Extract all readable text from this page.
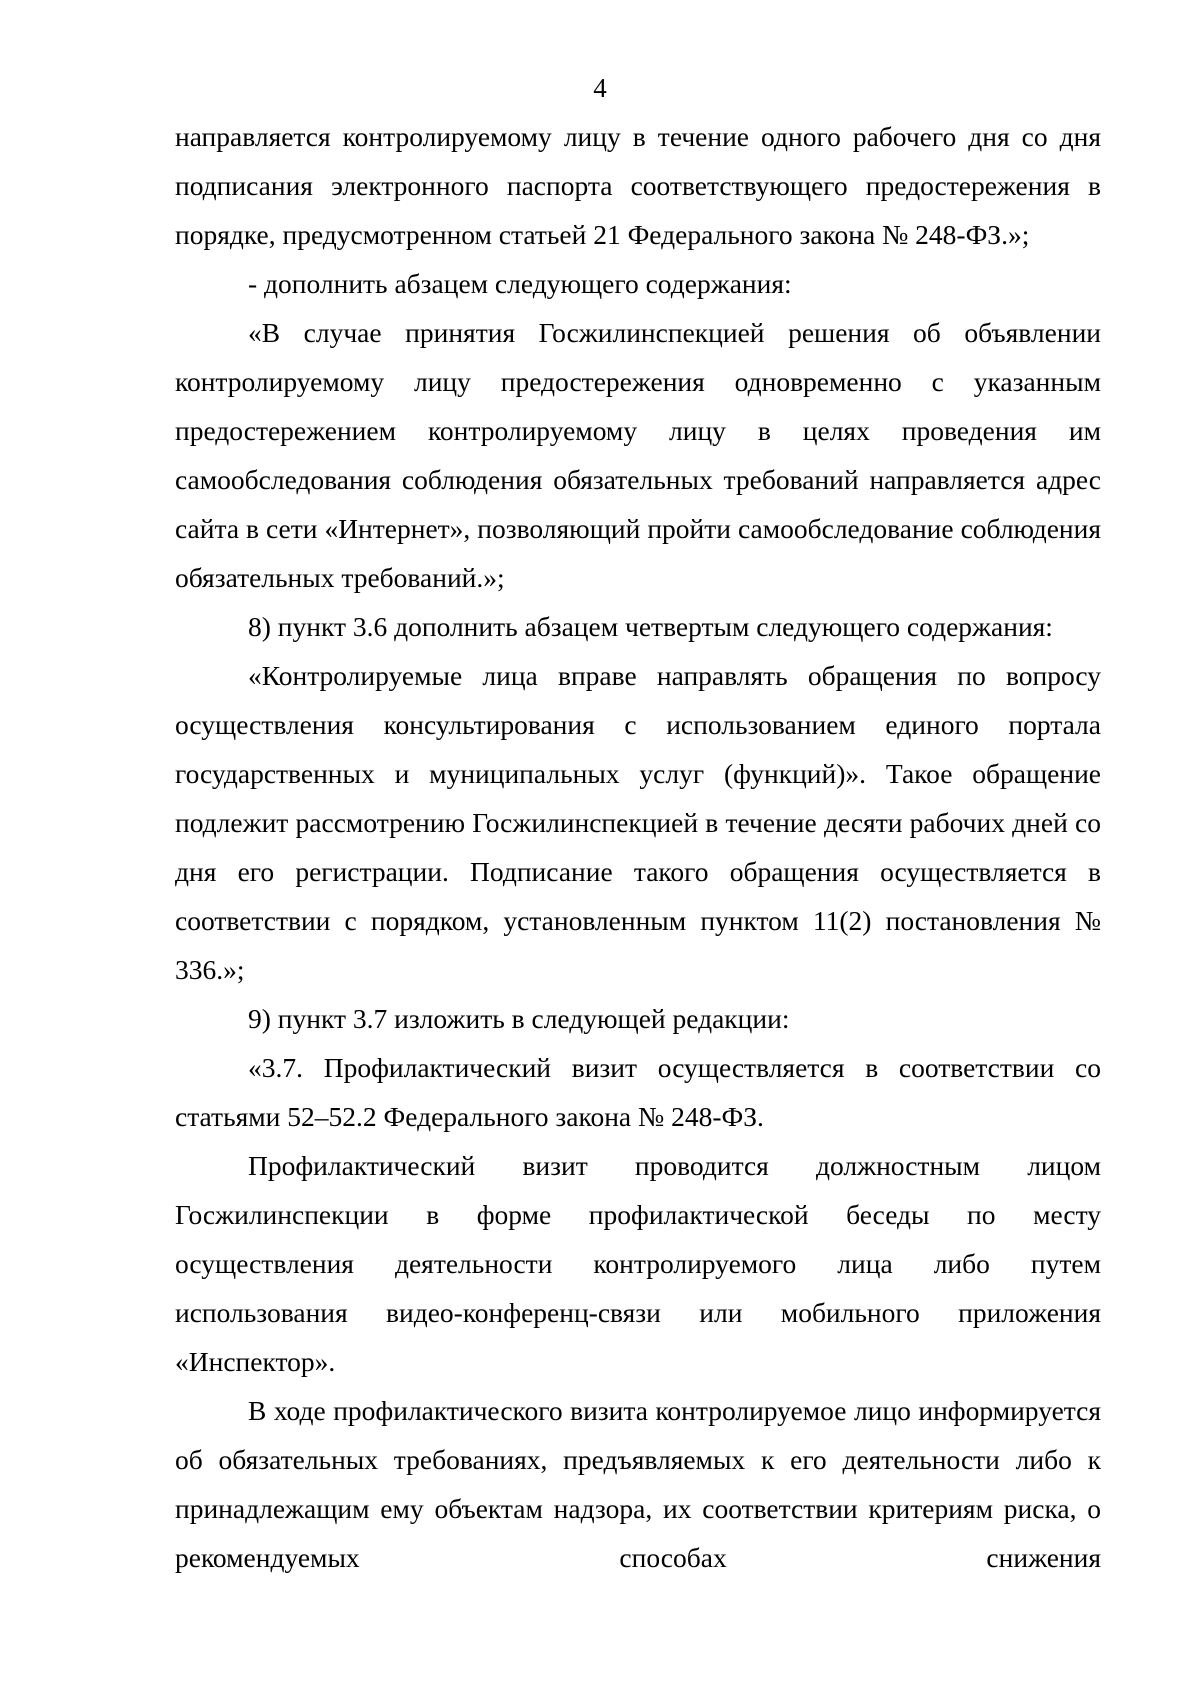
4

направляется контролируемому лицу в течение одного рабочего дня со дня подписания электронного паспорта соответствующего предостережения в порядке, предусмотренном статьей 21 Федерального закона № 248-ФЗ.»;

- дополнить абзацем следующего содержания:

«В случае принятия Госжилинспекцией решения об объявлении контролируемому лицу предостережения одновременно с указанным предостережением контролируемому лицу в целях проведения им самообследования соблюдения обязательных требований направляется адрес сайта в сети «Интернет», позволяющий пройти самообследование соблюдения обязательных требований.»;

8) пункт 3.6 дополнить абзацем четвертым следующего содержания:

«Контролируемые лица вправе направлять обращения по вопросу осуществления консультирования с использованием единого портала государственных и муниципальных услуг (функций)». Такое обращение подлежит рассмотрению Госжилинспекцией в течение десяти рабочих дней со дня его регистрации. Подписание такого обращения осуществляется в соответствии с порядком, установленным пунктом 11(2) постановления № 336.»;

9) пункт 3.7 изложить в следующей редакции:

«3.7. Профилактический визит осуществляется в соответствии со статьями 52–52.2 Федерального закона № 248-ФЗ.

Профилактический визит проводится должностным лицом Госжилинспекции в форме профилактической беседы по месту осуществления деятельности контролируемого лица либо путем использования видео-конференц-связи или мобильного приложения «Инспектор».

В ходе профилактического визита контролируемое лицо информируется об обязательных требованиях, предъявляемых к его деятельности либо к принадлежащим ему объектам надзора, их соответствии критериям риска, о рекомендуемых способах снижения
